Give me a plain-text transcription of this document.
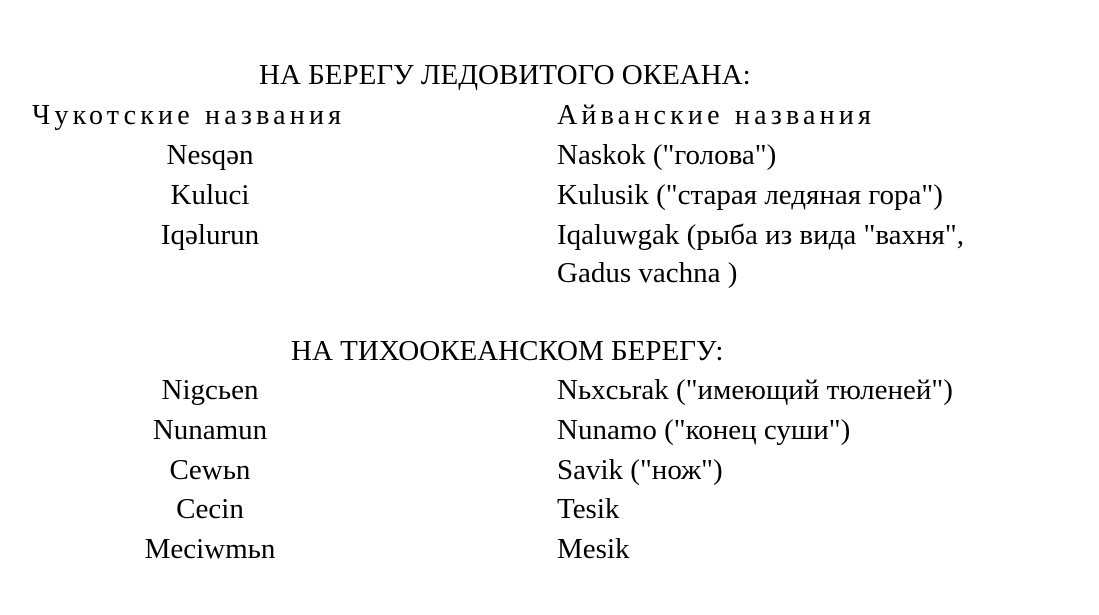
НА БЕРЕГУ ЛЕДОВИТОГО ОКЕАНА:
Чукотские названия	Айванские названия
Nesqən	Naskok ("голова")
Kuluci	Kulusik ("старая ледяная гора")
Iqəlurun	Iqaluwgak (рыба из вида "вахня",
Gadus vachna )
НА ТИХООКЕАНСКОМ БЕРЕГУ:
Nigcьen	Nьxcьrak ("имеющий тюленей")
Nunamun	Nunamo ("конец суши")
Cewьn	Savik ("нож")
Cecin	Tesik
Meciwmьn	Mesik
